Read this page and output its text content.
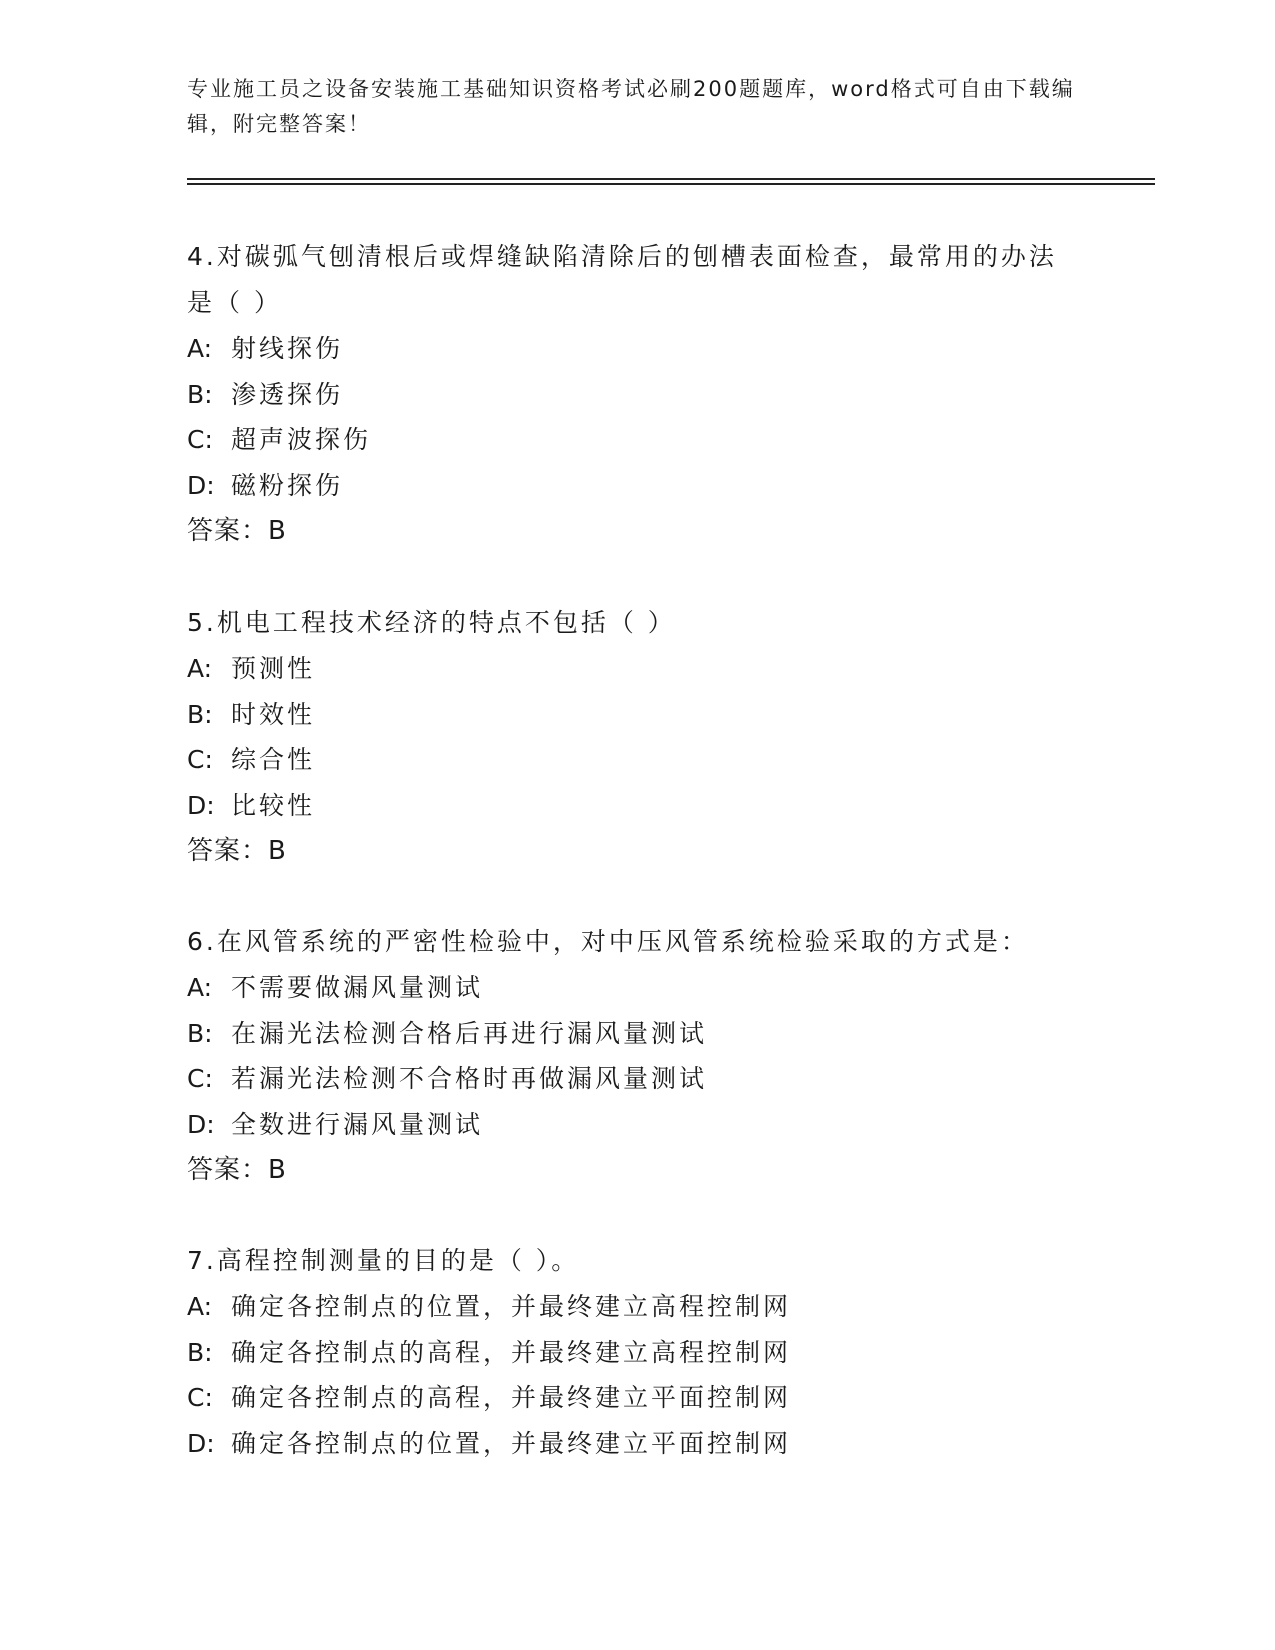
专业施工员之设备安装施工基础知识资格考试必刷200题题库，word格式可自由下载编辑，附完整答案！
4.对碳弧气刨清根后或焊缝缺陷清除后的刨槽表面检查，最常用的办法是（ ）
A: 射线探伤
B: 渗透探伤
C: 超声波探伤
D: 磁粉探伤
答案：B
5.机电工程技术经济的特点不包括（ ）
A: 预测性
B: 时效性
C: 综合性
D: 比较性
答案：B
6.在风管系统的严密性检验中，对中压风管系统检验采取的方式是：
A: 不需要做漏风量测试
B: 在漏光法检测合格后再进行漏风量测试
C: 若漏光法检测不合格时再做漏风量测试
D: 全数进行漏风量测试
答案：B
7.高程控制测量的目的是（ ）。
A: 确定各控制点的位置，并最终建立高程控制网
B: 确定各控制点的高程，并最终建立高程控制网
C: 确定各控制点的高程，并最终建立平面控制网
D: 确定各控制点的位置，并最终建立平面控制网
